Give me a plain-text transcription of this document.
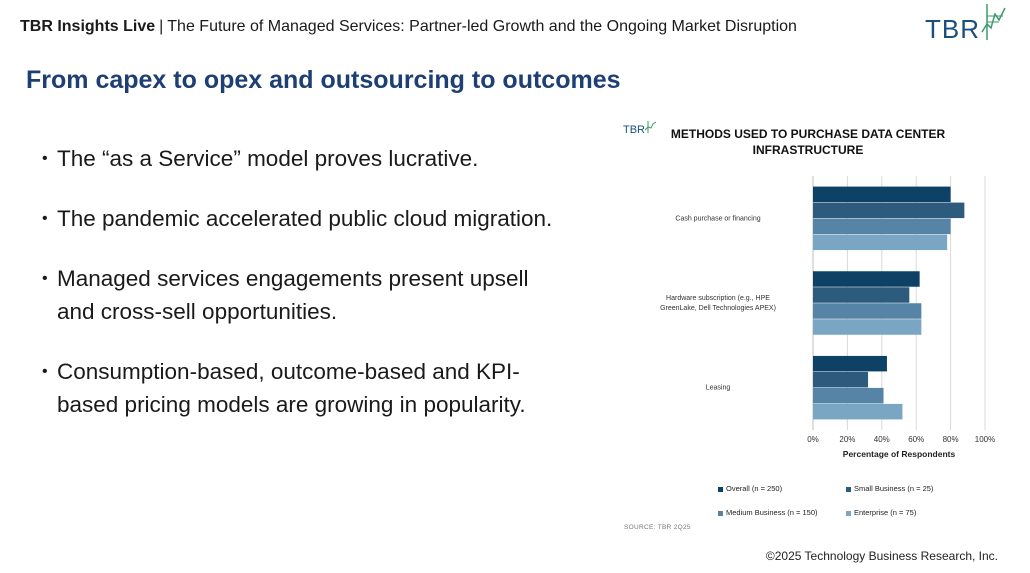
TBR Insights Live | The Future of Managed Services: Partner-led Growth and the Ongoing Market Disruption	TBR
From capex to opex and outsourcing to outcomes
• The “as a Service” model proves lucrative.
• The pandemic accelerated public cloud migration.
• Managed services engagements present upsell and cross-sell opportunities.
• Consumption-based, outcome-based and KPI-based pricing models are growing in popularity.
TBR	METHODS USED TO PURCHASE DATA CENTER INFRASTRUCTURE
0%	20% 40% 60% 80% 100%
Cash purchase or financing
Hardware subscription (e.g., HPE GreenLake, Dell Technologies APEX)
Leasing
Percentage of Respondents
Overall (n = 250)	Small Business (n = 25)
Medium Business (n = 150)	Enterprise (n = 75)
SOURCE: TBR 2Q25
©2025 Technology Business Research, Inc.
